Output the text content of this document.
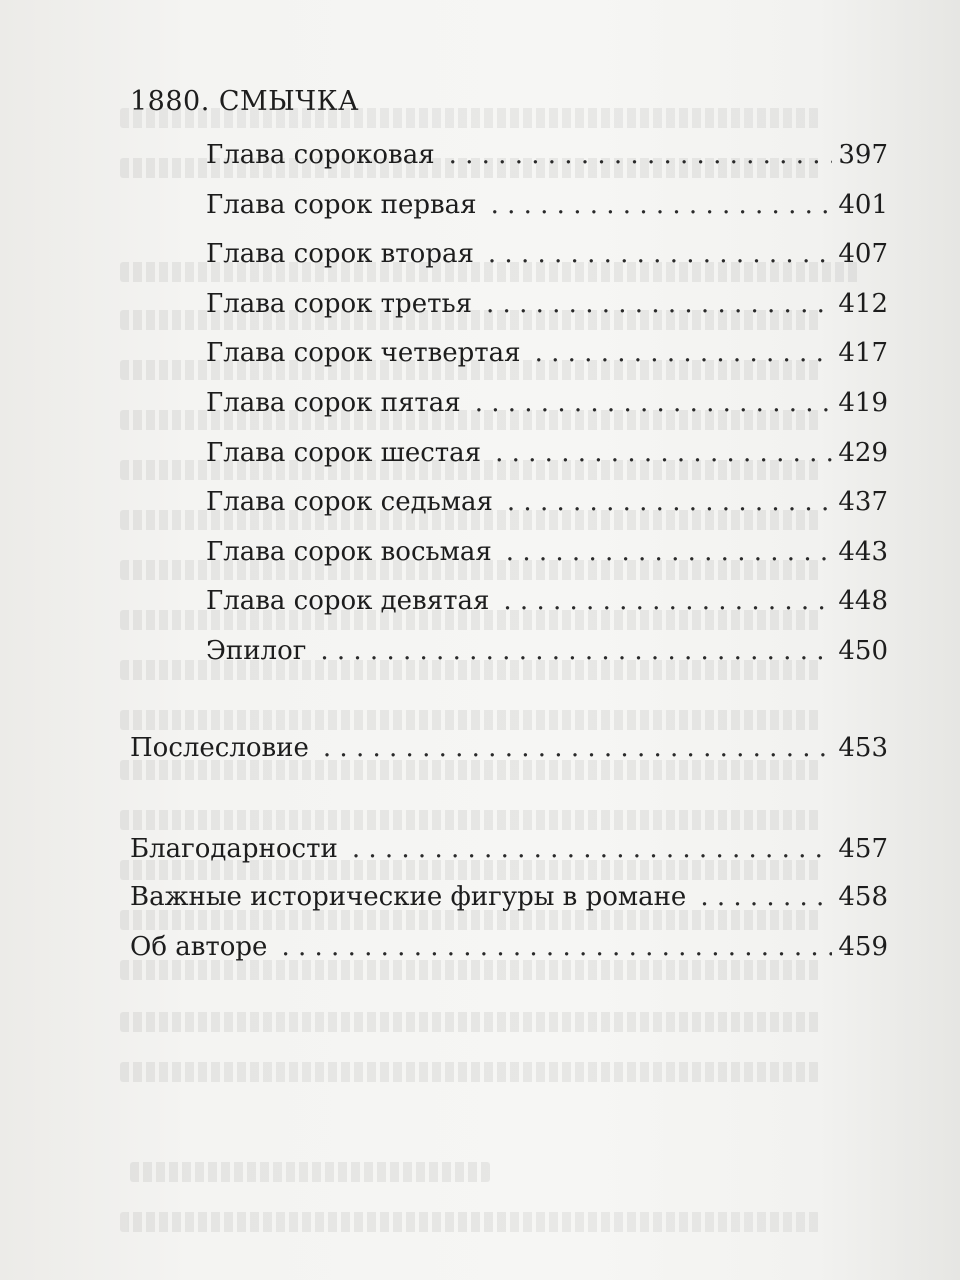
1880. СМЫЧКА
Глава сороковая . . .	397
Глава сорок первая . . .	401
Глава сорок вторая . . .	407
Глава сорок третья . . .	412
Глава сорок четвертая . . .	417
Глава сорок пятая . . .	419
Глава сорок шестая . . .	429
Глава сорок седьмая . . .	437
Глава сорок восьмая . . .	443
Глава сорок девятая . . .	448
Эпилог . . .	450
Послесловие . . .	453
Благодарности . . .	457
Важные исторические фигуры в романе . . .	458
Об авторе . . .	459
